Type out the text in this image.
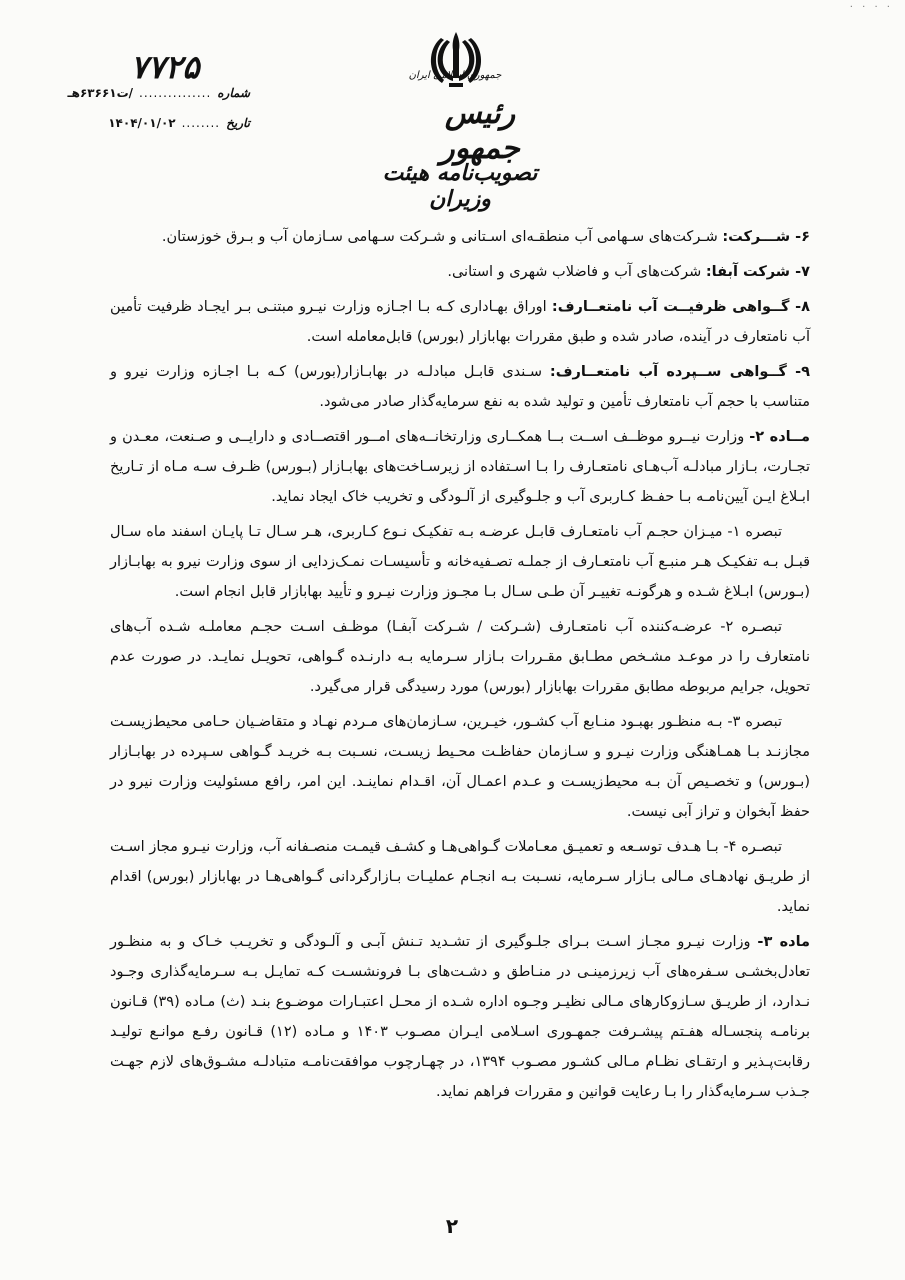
· · · ·
جمهوری اسلامی ایران
رئیس جمهور
تصویب‌نامه هیئت وزیران
۷۷۲۵
شماره
...............
/ت۶۳۶۶۱هـ
تاریخ
........
۱۴۰۴/۰۱/۰۲

۶- شـــرکت: شـرکت‌های سـهامی آب منطقـه‌ای اسـتانی و شـرکت سـهامی سـازمان آب و بـرق خوزستان.

۷- شرکت آبفا: شرکت‌های آب و فاضلاب شهری و استانی.

۸- گــواهی ظرفیــت آب نامتعــارف: اوراق بهـاداری کـه بـا اجـازه وزارت نیـرو مبتنـی بـر ایجـاد ظرفیت تأمین آب نامتعارف در آینده، صادر شده و طبق مقررات بهابازار (بورس) قابل‌معامله است.

۹- گــواهی ســپرده آب نامتعــارف: سـندی قابـل مبادلـه در بهابـازار(بورس) کـه بـا اجـازه وزارت نیرو و متناسب با حجم آب نامتعارف تأمین و تولید شده به نفع سرمایه‌گذار صادر می‌شود.

مــاده ۲- وزارت نیــرو موظــف اســت بــا همکــاری وزارتخانــه‌های امــور اقتصــادی و دارایــی و صـنعت، معـدن و تجـارت، بـازار مبادلـه آب‌هـای نامتعـارف را بـا اسـتفاده از زیرسـاخت‌های بهابـازار (بـورس) ظـرف سـه مـاه از تـاریخ ابـلاغ ایـن آیین‌نامـه بـا حفـظ کـاربری آب و جلـوگیری از آلـودگی و تخریب خاک ایجاد نماید.

تبصره ۱- میـزان حجـم آب نامتعـارف قابـل عرضـه بـه تفکیـک نـوع کـاربری، هـر سـال تـا پایـان اسفند ماه سـال قبـل بـه تفکیـک هـر منبـع آب نامتعـارف از جملـه تصـفیه‌خانه و تأسیسـات نمـک‌زدایی از سوی وزارت نیرو به بهابـازار (بـورس) ابـلاغ شـده و هرگونـه تغییـر آن طـی سـال بـا مجـوز وزارت نیـرو و تأیید بهابازار قابل انجام است.

تبصـره ۲- عرضـه‌کننده آب نامتعـارف (شـرکت / شـرکت آبفـا) موظـف اسـت حجـم معاملـه شـده آب‌های نامتعارف را در موعـد مشـخص مطـابق مقـررات بـازار سـرمایه بـه دارنـده گـواهی، تحویـل نمایـد. در صورت عدم تحویل، جرایم مربوطه مطابق مقررات بهابازار (بورس) مورد رسیدگی قرار می‌گیرد.

تبصره ۳- بـه منظـور بهبـود منـابع آب کشـور، خیـرین، سـازمان‌های مـردم نهـاد و متقاضـیان حـامی محیط‌زیسـت مجازنـد بـا همـاهنگی وزارت نیـرو و سـازمان حفاظـت محـیط زیسـت، نسـبت بـه خریـد گـواهی سـپرده در بهابـازار (بـورس) و تخصـیص آن بـه محیط‌زیسـت و عـدم اعمـال آن، اقـدام نماینـد. این امر، رافع مسئولیت وزارت نیرو در حفظ آبخوان و تراز آبی نیست.

تبصـره ۴- بـا هـدف توسـعه و تعمیـق معـاملات گـواهی‌هـا و کشـف قیمـت منصـفانه آب، وزارت نیـرو مجاز اسـت از طریـق نهادهـای مـالی بـازار سـرمایه، نسـبت بـه انجـام عملیـات بـازارگردانی گـواهی‌هـا در بهابازار (بورس) اقدام نماید.

ماده ۳- وزارت نیـرو مجـاز اسـت بـرای جلـوگیری از تشـدید تـنش آبـی و آلـودگی و تخریـب خـاک و به منظـور تعادل‌بخشـی سـفره‌های آب زیرزمینـی در منـاطق و دشـت‌های بـا فرونشسـت کـه تمایـل بـه سـرمایه‌گذاری وجـود نـدارد، از طریـق سـازوکارهای مـالی نظیـر وجـوه اداره شـده از محـل اعتبـارات موضـوع بنـد (ث) مـاده (۳۹) قـانون برنامـه پنجسـاله هفـتم پیشـرفت جمهـوری اسـلامی ایـران مصـوب ۱۴۰۳ و مـاده (۱۲) قـانون رفـع موانـع تولیـد رقابت‌پـذیر و ارتقـای نظـام مـالی کشـور مصـوب ۱۳۹۴، در چهـارچوب موافقت‌نامـه متبادلـه مشـوق‌های لازم جهـت جـذب سـرمایه‌گذار را بـا رعایت قوانین و مقررات فراهم نماید.

۲
